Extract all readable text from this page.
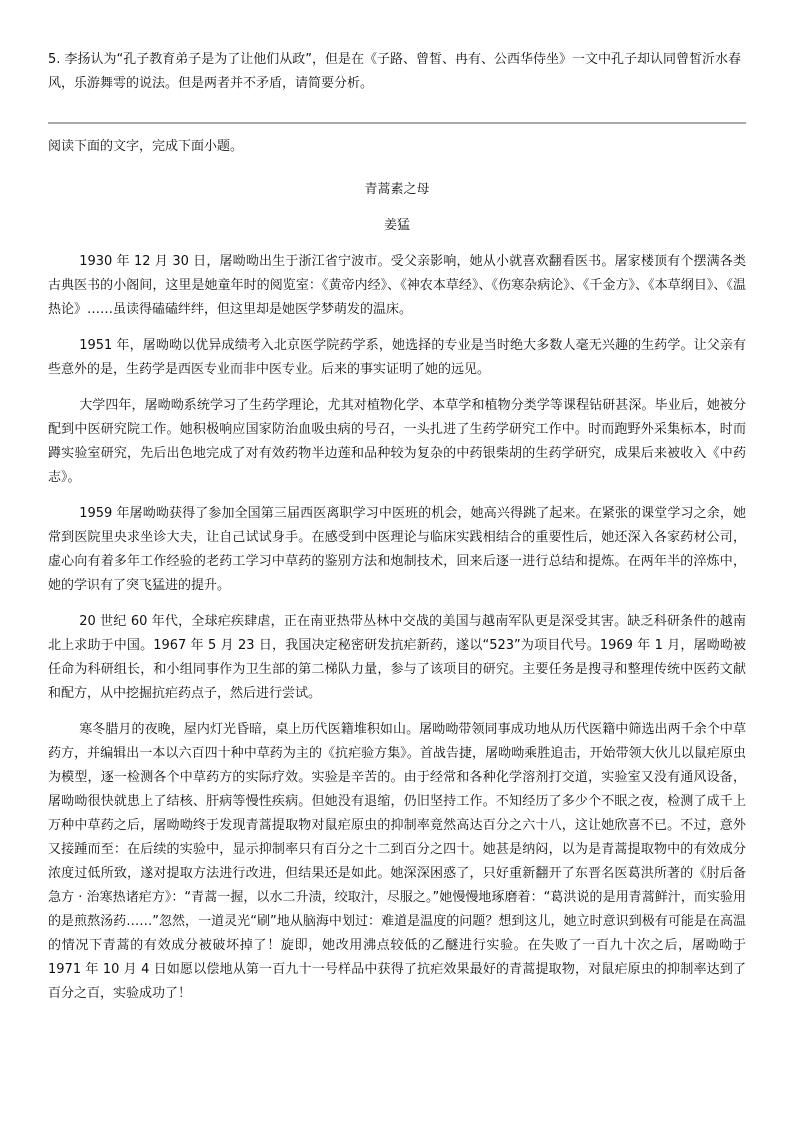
5. 李扬认为“孔子教育弟子是为了让他们从政”，但是在《子路、曾皙、冉有、公西华侍坐》一文中孔子却认同曾皙沂水春风，乐游舞雩的说法。但是两者并不矛盾，请简要分析。

阅读下面的文字，完成下面小题。

青蒿素之母
姜猛

1930 年 12 月 30 日，屠呦呦出生于浙江省宁波市。受父亲影响，她从小就喜欢翻看医书。屠家楼顶有个摆满各类古典医书的小阁间，这里是她童年时的阅览室：《黄帝内经》、《神农本草经》、《伤寒杂病论》、《千金方》、《本草纲目》、《温热论》……虽读得磕磕绊绊，但这里却是她医学梦萌发的温床。

1951 年，屠呦呦以优异成绩考入北京医学院药学系，她选择的专业是当时绝大多数人毫无兴趣的生药学。让父亲有些意外的是，生药学是西医专业而非中医专业。后来的事实证明了她的远见。

大学四年，屠呦呦系统学习了生药学理论，尤其对植物化学、本草学和植物分类学等课程钻研甚深。毕业后，她被分配到中医研究院工作。她积极响应国家防治血吸虫病的号召，一头扎进了生药学研究工作中。时而跑野外采集标本，时而蹲实验室研究，先后出色地完成了对有效药物半边莲和品种较为复杂的中药银柴胡的生药学研究，成果后来被收入《中药志》。

1959 年屠呦呦获得了参加全国第三届西医离职学习中医班的机会，她高兴得跳了起来。在紧张的课堂学习之余，她常到医院里央求坐诊大夫，让自己试试身手。在感受到中医理论与临床实践相结合的重要性后，她还深入各家药材公司，虚心向有着多年工作经验的老药工学习中草药的鉴别方法和炮制技术，回来后逐一进行总结和提炼。在两年半的淬炼中，她的学识有了突飞猛进的提升。

20 世纪 60 年代，全球疟疾肆虐，正在南亚热带丛林中交战的美国与越南军队更是深受其害。缺乏科研条件的越南北上求助于中国。1967 年 5 月 23 日，我国决定秘密研发抗疟新药，遂以“523”为项目代号。1969 年 1 月，屠呦呦被任命为科研组长，和小组同事作为卫生部的第二梯队力量，参与了该项目的研究。主要任务是搜寻和整理传统中医药文献和配方，从中挖掘抗疟药点子，然后进行尝试。

寒冬腊月的夜晚，屋内灯光昏暗，桌上历代医籍堆积如山。屠呦呦带领同事成功地从历代医籍中筛选出两千余个中草药方，并编辑出一本以六百四十种中草药为主的《抗疟验方集》。首战告捷，屠呦呦乘胜追击，开始带领大伙儿以鼠疟原虫为模型，逐一检测各个中草药方的实际疗效。实验是辛苦的。由于经常和各种化学溶剂打交道，实验室又没有通风设备，屠呦呦很快就患上了结核、肝病等慢性疾病。但她没有退缩，仍旧坚持工作。不知经历了多少个不眠之夜，检测了成千上万种中草药之后，屠呦呦终于发现青蒿提取物对鼠疟原虫的抑制率竟然高达百分之六十八，这让她欣喜不已。不过，意外又接踵而至：在后续的实验中，显示抑制率只有百分之十二到百分之四十。她甚是纳闷，以为是青蒿提取物中的有效成分浓度过低所致，遂对提取方法进行改进，但结果还是如此。她深深困惑了，只好重新翻开了东晋名医葛洪所著的《肘后备急方 · 治寒热诸疟方》：“青蒿一握，以水二升渍，绞取汁，尽服之。”她慢慢地琢磨着：“葛洪说的是用青蒿鲜汁，而实验用的是煎熬汤药……”忽然，一道灵光“刷”地从脑海中划过：难道是温度的问题？想到这儿，她立时意识到极有可能是在高温的情况下青蒿的有效成分被破坏掉了！旋即，她改用沸点较低的乙醚进行实验。在失败了一百九十次之后，屠呦呦于 1971 年 10 月 4 日如愿以偿地从第一百九十一号样品中获得了抗疟效果最好的青蒿提取物，对鼠疟原虫的抑制率达到了百分之百，实验成功了！
